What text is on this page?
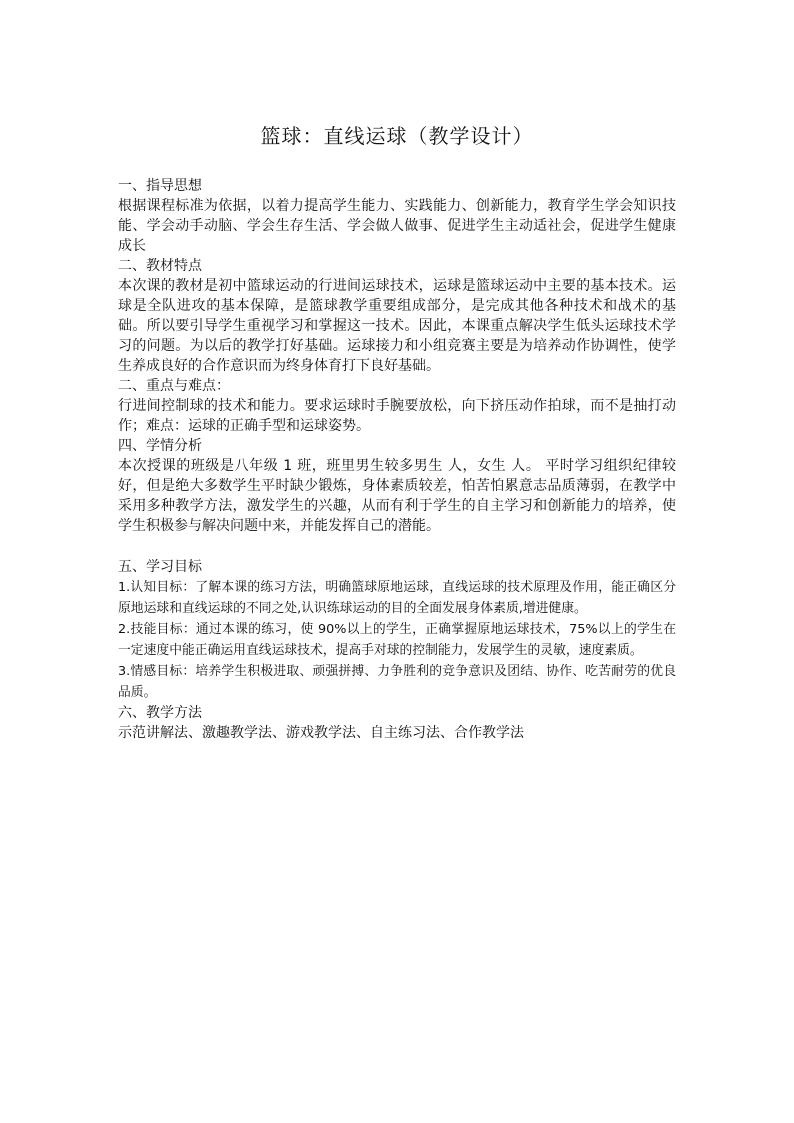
篮球：直线运球（教学设计）
一、指导思想
根据课程标准为依据，以着力提高学生能力、实践能力、创新能力，教育学生学会知识技能、学会动手动脑、学会生存生活、学会做人做事、促进学生主动适社会，促进学生健康成长
二、教材特点
本次课的教材是初中篮球运动的行进间运球技术，运球是篮球运动中主要的基本技术。运球是全队进攻的基本保障，是篮球教学重要组成部分，是完成其他各种技术和战术的基础。所以要引导学生重视学习和掌握这一技术。因此，本课重点解决学生低头运球技术学习的问题。为以后的教学打好基础。运球接力和小组竞赛主要是为培养动作协调性，使学生养成良好的合作意识而为终身体育打下良好基础。
二、重点与难点：
行进间控制球的技术和能力。要求运球时手腕要放松，向下挤压动作拍球，而不是抽打动作；难点：运球的正确手型和运球姿势。
四、学情分析
本次授课的班级是八年级 1 班，班里男生较多男生 人，女生 人。 平时学习组织纪律较好，但是绝大多数学生平时缺少锻炼，身体素质较差，怕苦怕累意志品质薄弱，在教学中采用多种教学方法，激发学生的兴趣，从而有利于学生的自主学习和创新能力的培养，使学生积极参与解决问题中来，并能发挥自己的潜能。
五、学习目标
1.认知目标：了解本课的练习方法，明确篮球原地运球，直线运球的技术原理及作用，能正确区分原地运球和直线运球的不同之处,认识练球运动的目的全面发展身体素质,增进健康。
2.技能目标：通过本课的练习，使 90%以上的学生，正确掌握原地运球技术，75%以上的学生在一定速度中能正确运用直线运球技术，提高手对球的控制能力，发展学生的灵敏，速度素质。
3.情感目标：培养学生积极进取、顽强拼搏、力争胜利的竞争意识及团结、协作、吃苦耐劳的优良品质。
六、教学方法
示范讲解法、激趣教学法、游戏教学法、自主练习法、合作教学法
